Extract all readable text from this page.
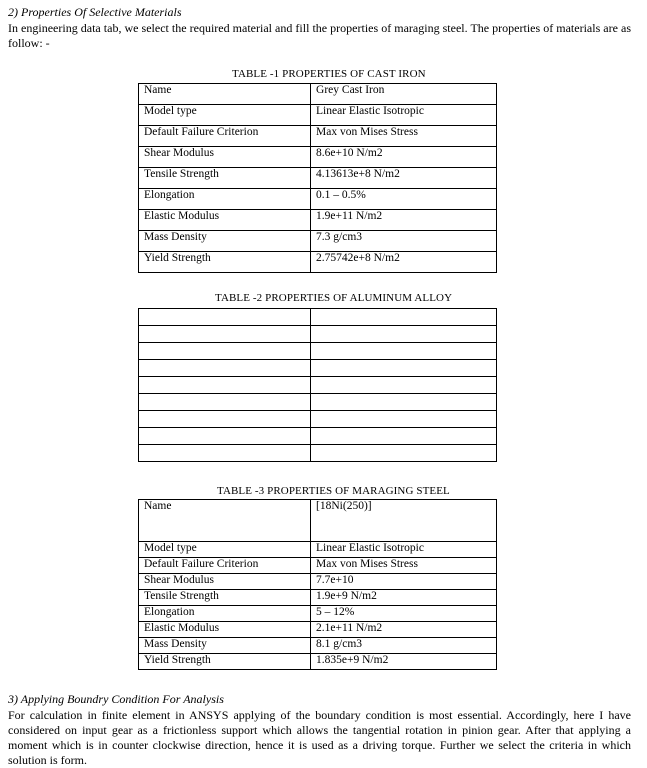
2) Properties Of Selective Materials
In engineering data tab, we select the required material and fill the properties of maraging steel. The properties of materials are as follow: -
TABLE -1 PROPERTIES OF CAST IRON
Name	Grey Cast Iron
Model type	Linear Elastic Isotropic
Default Failure Criterion	Max von Mises Stress
Shear Modulus	8.6e+10 N/m2
Tensile Strength	4.13613e+8 N/m2
Elongation	0.1 – 0.5%
Elastic Modulus	1.9e+11 N/m2
Mass Density	7.3 g/cm3
Yield Strength	2.75742e+8 N/m2
TABLE -2 PROPERTIES OF ALUMINUM ALLOY

TABLE -3 PROPERTIES OF MARAGING STEEL
Name	[18Ni(250)]
Model type	Linear Elastic Isotropic
Default Failure Criterion	Max von Mises Stress
Shear Modulus	7.7e+10
Tensile Strength	1.9e+9 N/m2
Elongation	5 – 12%
Elastic Modulus	2.1e+11 N/m2
Mass Density	8.1 g/cm3
Yield Strength	1.835e+9 N/m2
3) Applying Boundry Condition For Analysis
For calculation in finite element in ANSYS applying of the boundary condition is most essential. Accordingly, here I have considered on input gear as a frictionless support which allows the tangential rotation in pinion gear. After that applying a moment which is in counter clockwise direction, hence it is used as a driving torque. Further we select the criteria in which solution is form.
